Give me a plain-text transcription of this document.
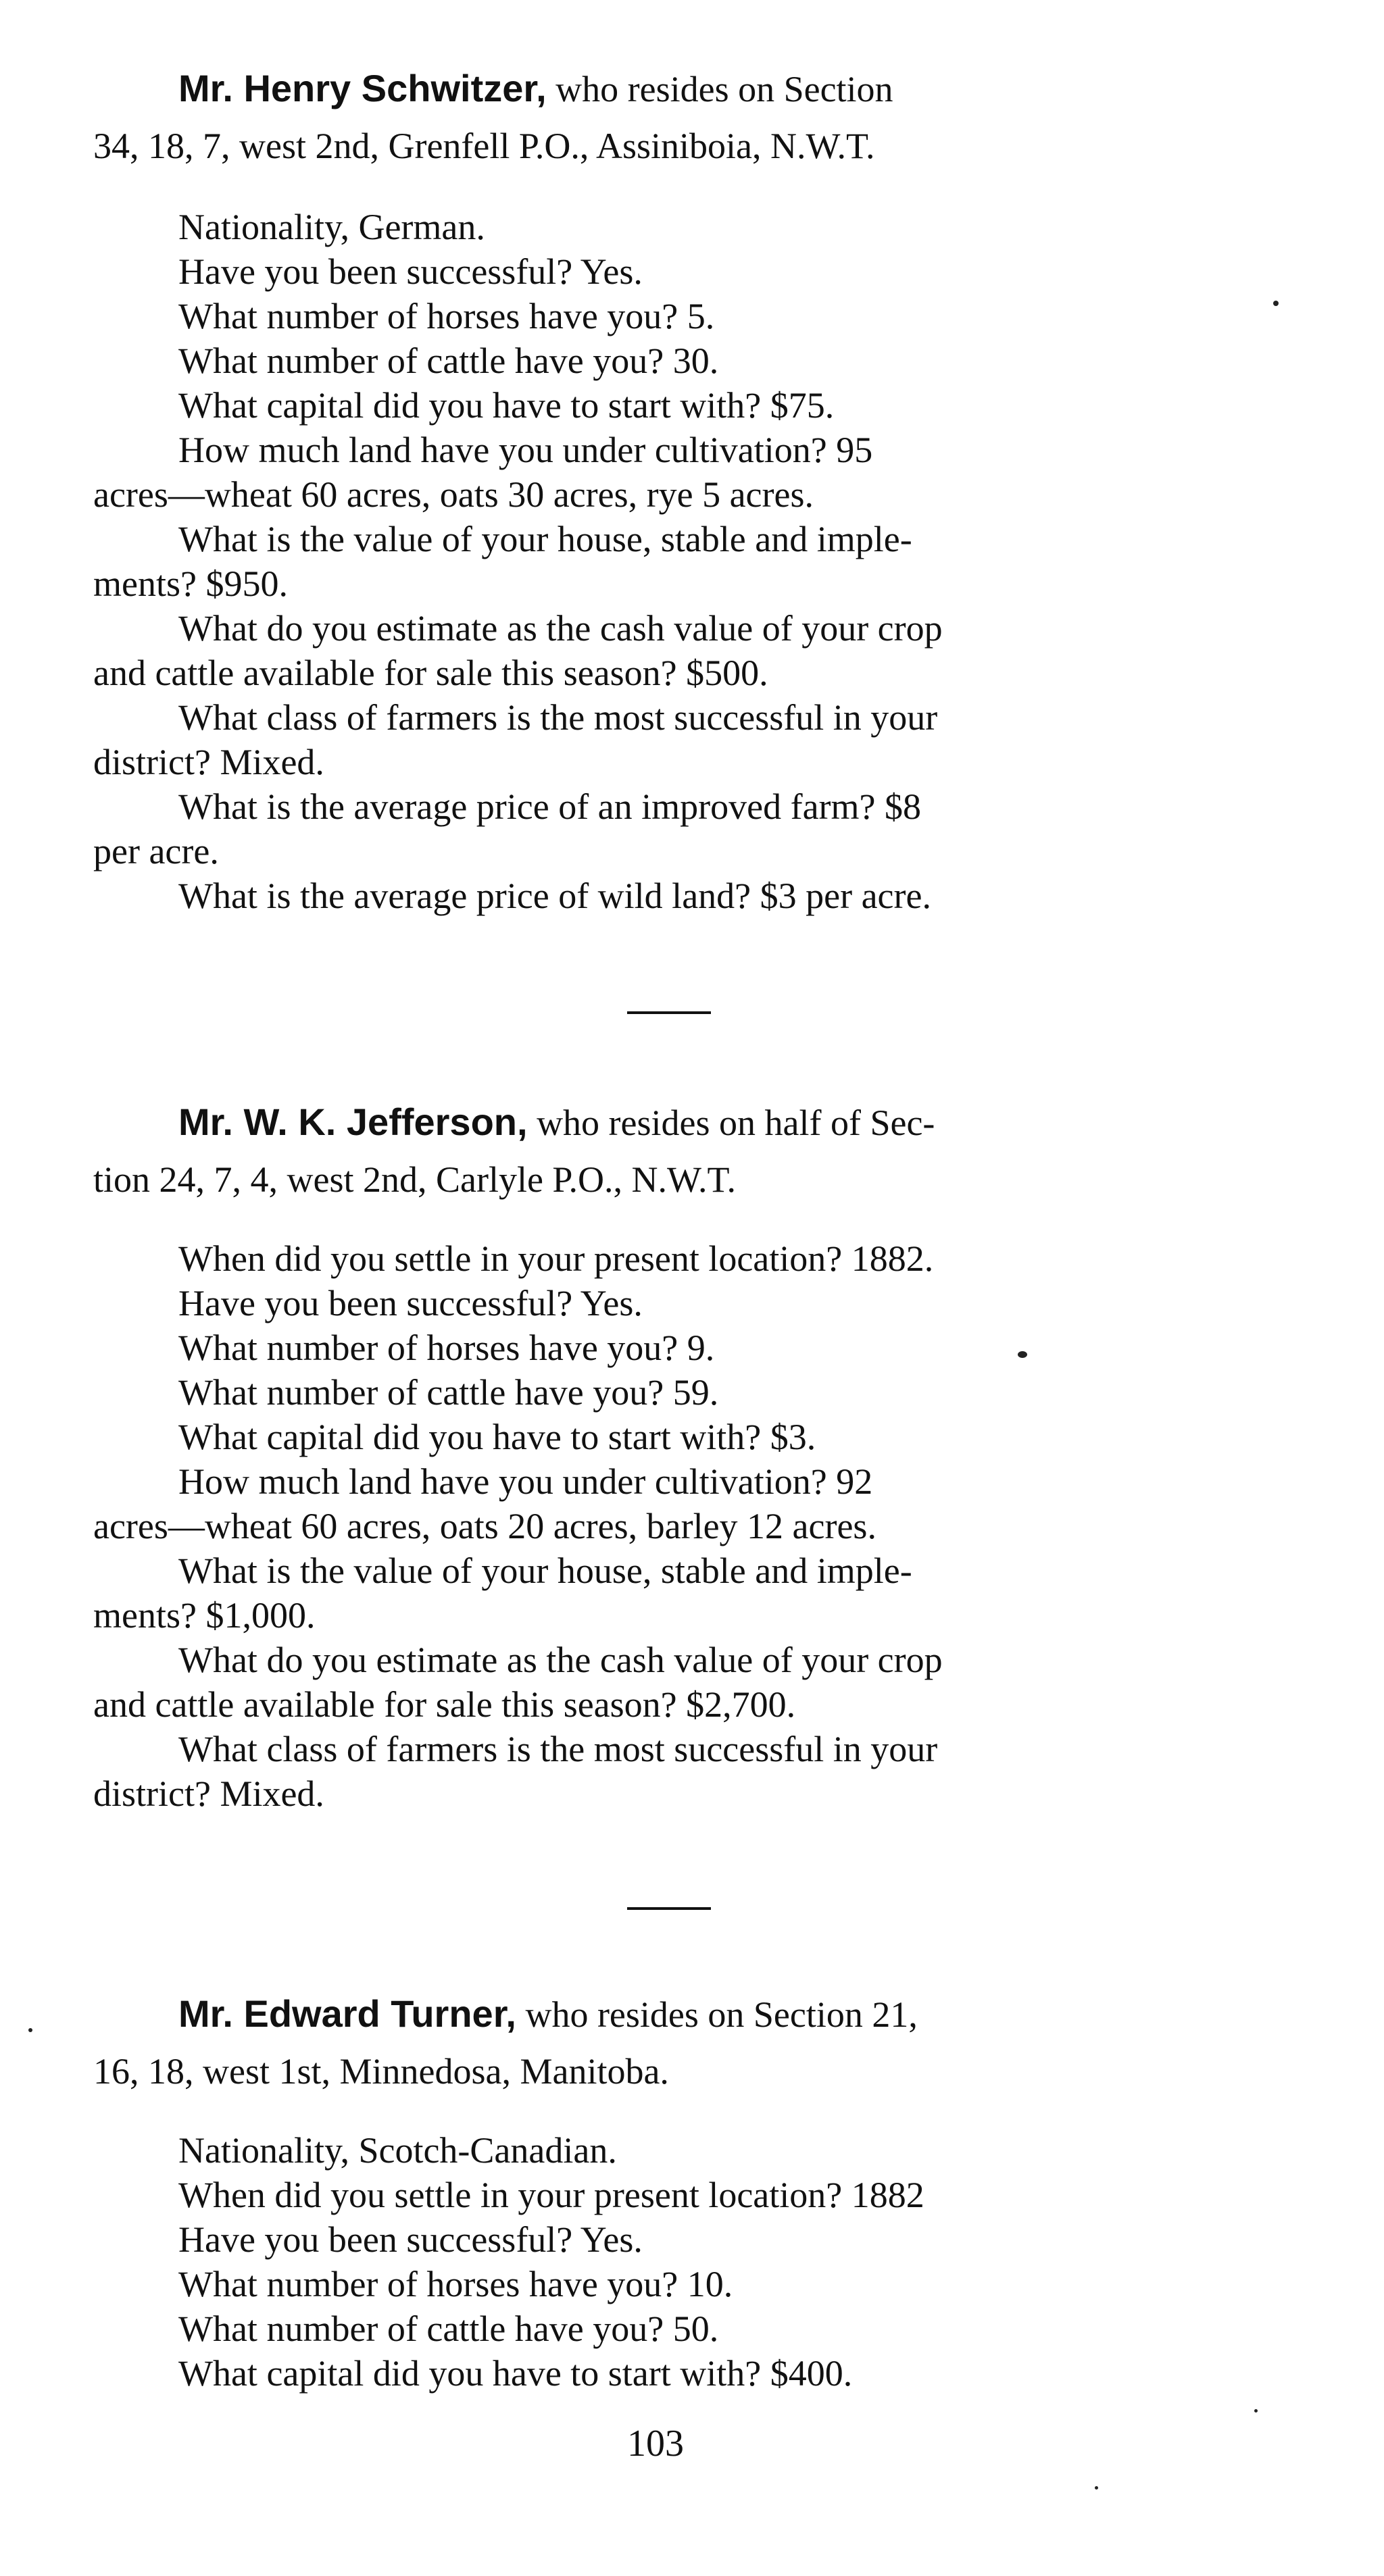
Mr. Henry Schwitzer, who resides on Section
34, 18, 7, west 2nd, Grenfell P.O., Assiniboia, N.W.T.
Nationality, German.
Have you been successful? Yes.
What number of horses have you? 5.
What number of cattle have you? 30.
What capital did you have to start with? $75.
How much land have you under cultivation? 95
acres—wheat 60 acres, oats 30 acres, rye 5 acres.
What is the value of your house, stable and imple-
ments? $950.
What do you estimate as the cash value of your crop
and cattle available for sale this season? $500.
What class of farmers is the most successful in your
district? Mixed.
What is the average price of an improved farm? $8
per acre.
What is the average price of wild land? $3 per acre.
Mr. W. K. Jefferson, who resides on half of Sec-
tion 24, 7, 4, west 2nd, Carlyle P.O., N.W.T.
When did you settle in your present location? 1882.
Have you been successful? Yes.
What number of horses have you? 9.
What number of cattle have you? 59.
What capital did you have to start with? $3.
How much land have you under cultivation? 92
acres—wheat 60 acres, oats 20 acres, barley 12 acres.
What is the value of your house, stable and imple-
ments? $1,000.
What do you estimate as the cash value of your crop
and cattle available for sale this season? $2,700.
What class of farmers is the most successful in your
district? Mixed.
Mr. Edward Turner, who resides on Section 21,
16, 18, west 1st, Minnedosa, Manitoba.
Nationality, Scotch-Canadian.
When did you settle in your present location? 1882
Have you been successful? Yes.
What number of horses have you? 10.
What number of cattle have you? 50.
What capital did you have to start with? $400.
103
